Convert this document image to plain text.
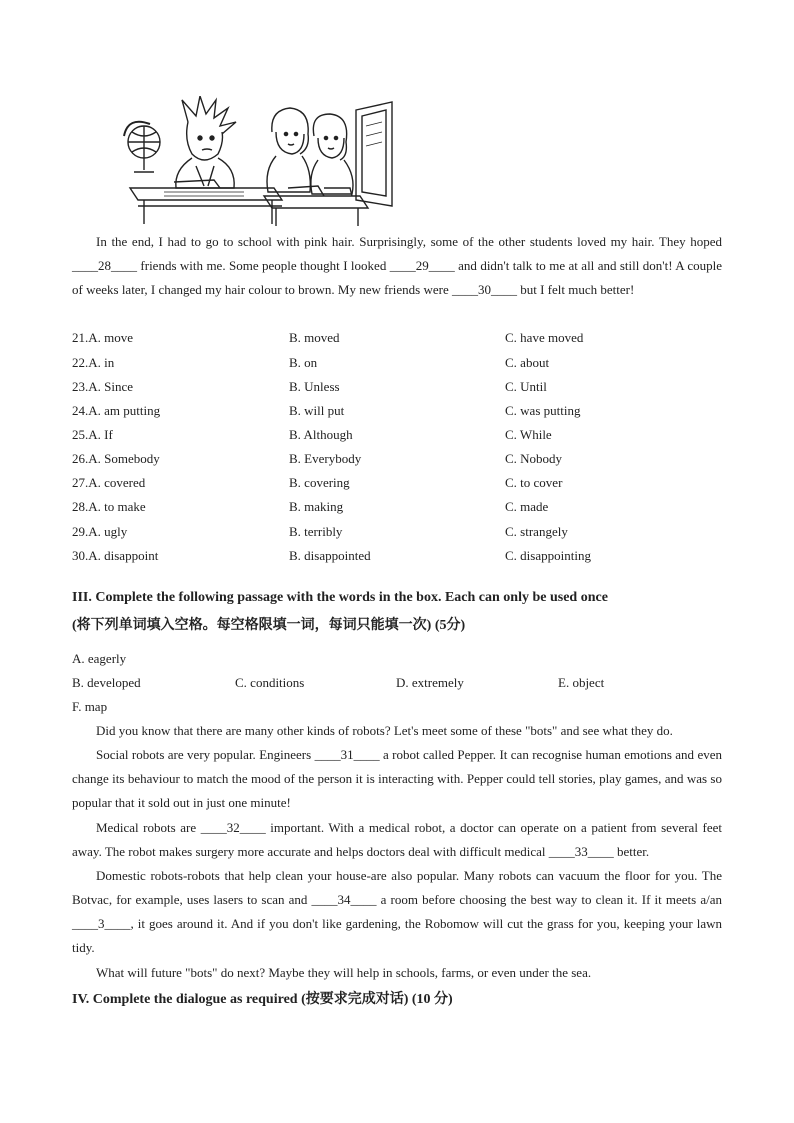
In the end, I had to go to school with pink hair. Surprisingly, some of the other students loved my hair. They hoped ____28____ friends with me. Some people thought I looked ____29____ and didn't talk to me at all and still don't! A couple of weeks later, I changed my hair colour to brown. My new friends were ____30____ but I felt much better!

21.A. move	B. moved	C. have moved
22.A. in	B. on	C. about
23.A. Since	B. Unless	C. Until
24.A. am putting	B. will put	C. was putting
25.A. If	B. Although	C. While
26.A. Somebody	B. Everybody	C. Nobody
27.A. covered	B. covering	C. to cover
28.A. to make	B. making	C. made
29.A. ugly	B. terribly	C. strangely
30.A. disappoint	B. disappointed	C. disappointing

III. Complete the following passage with the words in the box. Each can only be used once

(将下列单词填入空格。每空格限填一词，每词只能填一次) (5分)

A. eagerly
B. developed	C. conditions	D. extremely	E. object
F. map

Did you know that there are many other kinds of robots? Let's meet some of these "bots" and see what they do.

Social robots are very popular. Engineers ____31____ a robot called Pepper. It can recognise human emotions and even change its behaviour to match the mood of the person it is interacting with. Pepper could tell stories, play games, and was so popular that it sold out in just one minute!

Medical robots are ____32____ important. With a medical robot, a doctor can operate on a patient from several feet away. The robot makes surgery more accurate and helps doctors deal with difficult medical ____33____ better.

Domestic robots-robots that help clean your house-are also popular. Many robots can vacuum the floor for you. The Botvac, for example, uses lasers to scan and ____34____ a room before choosing the best way to clean it. If it meets a/an ____3____, it goes around it. And if you don't like gardening, the Robomow will cut the grass for you, keeping your lawn tidy.

What will future "bots" do next? Maybe they will help in schools, farms, or even under the sea.

IV. Complete the dialogue as required (按要求完成对话) (10 分)
